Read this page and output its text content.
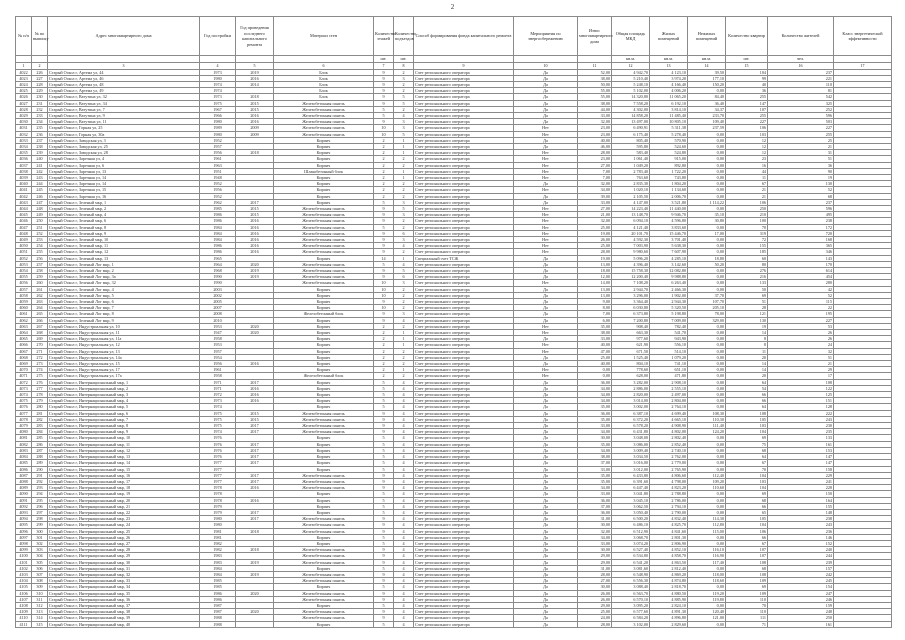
2
№ п/п	№ по выписку	Адрес многоквартирного дома	Год постройки	Год проведения последнего капитального ремонта	Материал стен	Количество этажей	Количество подъездов	Способ формирования фонда капитального ремонта	Мероприятия по энергосбережению	Износ многоквартирного дома	Общая площадь МКД	Жилых помещений	Нежилых помещений	Количество квартир	Количество жителей	Класс энергетической эффективности
						шт.	шт.				кв.м.	кв.м.	кв.м.	шт.	чел.	
1	2	3	4	5	6	7	8	9	10	11	12	13	14	15	16	17
4022	226	Старый Оскол г, Артема ул, 44	1973	2019	Блок	9	2	Счет регионального оператора	Да	52,00	4 942,70	4 123,10	39,50	104	237	
4023	227	Старый Оскол г, Артема ул, 46	1980	2016	Блок	9	3	Счет регионального оператора	Да	38,00	5 210,40	3 974,20	177,10	99	221	
4024	228	Старый Оскол г, Артема ул, 48	1974	2014	Блок	9	2	Счет регионального оператора	Да	50,00	5 248,10	4 166,40	150,20	40	110	
4025	229	Старый Оскол г, Артема ул, 49	1974		Блок	9	2	Счет регионального оператора	Да	55,00	5 102,00	4 006,20	0,00	36	81	
4026	230	Старый Оскол г, Ватутина ул, 32	1973	2018	Блок	9	5	Счет регионального оператора	Да	55,00	14 320,80	11 065,20	84,40	255	542	
4027	231	Старый Оскол г, Ватутина ул, 34	1975	2015	Железобетонная панель	9	5	Счет регионального оператора	Да	38,00	7 558,20	6 192,10	36,40	147	325	
4028	232	Старый Оскол г, Ватутина ул, 7	1967	2015	Железобетонная панель	5	2	Счет регионального оператора	Да	44,00	4 302,00	3 814,10	34,37	107	252	
4029	233	Старый Оскол г, Ватутина ул, 9	1966	2016	Железобетонная панель	5	4	Счет регионального оператора	Да	33,00	14 858,20	11 485,40	233,70	255	596	
4030	234	Старый Оскол г, Ватутина ул, 11	1980	2016	Железобетонная панель	9	3	Счет регионального оператора	Да	32,00	13 497,00	10 805,10	109,40	227	503	
4031	235	Старый Оскол г, Горная ул, 25	1989	2009	Железобетонная панель	10	3	Счет регионального оператора	Нет	23,00	6 490,91	5 311,38	237,59	106	227	
4032	236	Старый Оскол г, Горная ул, 30а	1980	2009	Железобетонная панель	10	5	Счет регионального оператора	Нет	23,00	6 175,40	5 278,40	0,00	103	255	
4033	237	Старый Оскол г, Заводская ул, 3	1952		Кирпич	2	1	Счет регионального оператора	Да	40,00	805,40	570,90	0,00	12	25	
4034	238	Старый Оскол г, Заводская ул, 25	1957		Кирпич	2	1	Счет регионального оператора	Да	46,00	595,80	524,60	0,00	12	21	
4035	239	Старый Оскол г, Заводская ул, 28	1956	2018	Кирпич	2	1	Счет регионального оператора	Нет	28,00	583,40	524,80	0,00	12	31	
4036	240	Старый Оскол г, Заречная ул, 4	1961		Кирпич	2	2	Счет регионального оператора	Нет	23,00	1 061,40	915,00	0,00	23	51	
4037	241	Старый Оскол г, Заречная ул, 6	1963		Кирпич	2	2	Счет регионального оператора	Нет	27,00	1 049,20	892,80	0,00	16	36	
4038	242	Старый Оскол г, Заречная ул, 13	1951		Шлакобетонный блок	2	1	Счет регионального оператора	Нет	7,00	2 783,40	1 722,20	0,00	44	90	
4039	243	Старый Оскол г, Заречная ул, 14	1948		Кирпич	2	1	Счет регионального оператора	Нет	7,00	763,60	743,80	0,00	11	19	
4040	244	Старый Оскол г, Заречная ул, 14	1952		Кирпич	2	2	Счет регионального оператора	Да	32,00	2 835,30	1 804,20	0,00	67	130	
4041	245	Старый Оскол г, Заречная ул, 15	1956		Кирпич	2	2	Счет регионального оператора	Нет	34,00	1 020,10	1 134,60	0,00	21	52	
4042	246	Старый Оскол г, Заречная ул, 16	1952		Кирпич	2	2	Счет регионального оператора	Да	39,00	2 105,50	2 006,70	0,00	21	68	
4043	247	Старый Оскол г, Зеленый мкр, 1	1962	2017	Кирпич	5	3	Счет регионального оператора	Да	33,00	4 147,00	3 521,80	1 114,22	106	237	
4044	248	Старый Оскол г, Зеленый мкр, 2	1985	2015	Железобетонная панель	9	5	Счет регионального оператора	Нет	27,00	14 223,40	11 440,00	0,00	250	596	
4045	249	Старый Оскол г, Зеленый мкр, 4	1986	2015	Железобетонная панель	9	3	Счет регионального оператора	Нет	21,00	13 148,70	9 946,70	35,10	210	495	
4046	250	Старый Оскол г, Зеленый мкр, 6	1986	2016	Железобетонная панель	9	2	Счет регионального оператора	Нет	32,00	6 094,10	4 596,80	30,80	100	238	
4047	251	Старый Оскол г, Зеленый мкр, 8	1984	2016	Железобетонная панель	5	2	Счет регионального оператора	Нет	25,00	4 121,40	3 833,60	0,00	70	172	
4048	252	Старый Оскол г, Зеленый мкр, 9	1984	2016	Железобетонная панель	9	6	Счет регионального оператора	Нет	19,00	20 101,70	15 446,70	17,00	319	720	
4049	253	Старый Оскол г, Зеленый мкр, 10	1984	2016	Железобетонная панель	9	3	Счет регионального оператора	Нет	26,00	4 592,30	3 701,40	0,00	72	168	
4050	254	Старый Оскол г, Зеленый мкр, 11	1986	2016	Железобетонная панель	9	4	Счет регионального оператора	Нет	25,00	7 003,90	5 638,30	0,00	155	365	
4051	255	Старый Оскол г, Зеленый мкр, 12	1986	2016	Железобетонная панель	9	2	Счет регионального оператора	Нет	28,00	9 980,60	7 607,90	0,00	185	346	
4052	256	Старый Оскол г, Зеленый мкр, 13	1965		Кирпич	14	1	Специальный счет ТСЖ	Да	19,00	5 096,20	4 285,10	18,80	60	143	
4053	257	Старый Оскол г, Зеленый Лог мкр, 1	1964	2020	Железобетонная панель	5	4	Счет регионального оператора	Да	13,00	4 396,40	3 142,60	50,20	80	170	
4054	258	Старый Оскол г, Зеленый Лог мкр, 2	1968	2019	Железобетонная панель	9	5	Счет регионального оператора	Да	18,00	15 758,30	12 082,80	0,00	276	614	
4055	259	Старый Оскол г, Зеленый Лог мкр, 3а	1990	2019	Железобетонная панель	9	6	Счет регионального оператора	Да	12,00	12 200,40	9 988,80	0,00	216	454	
4056	260	Старый Оскол г, Зеленый Лог мкр, 32	1990		Железобетонная панель	10	3	Счет регионального оператора	Нет	14,00	7 108,20	6 263,40	0,00	133	280	
4057	261	Старый Оскол г, Зеленый Лог мкр, 4	2003		Кирпич	10	2	Счет регионального оператора	Да	13,00	2 944,70	2 466,30	0,00	50	42	
4058	262	Старый Оскол г, Зеленый Лог мкр, 5	2002		Кирпич	10	2	Счет регионального оператора	Да	13,00	3 296,00	1 902,00	37,70	69	52	
4059	263	Старый Оскол г, Зеленый Лог мкр, 6	2005		Кирпич	9	2	Счет регионального оператора	Да	9,00	3 364,40	2 944,30	107,70	51	115	
4060	264	Старый Оскол г, Зеленый Лог мкр, 7	2007		Кирпич	10	2	Счет регионального оператора	Да	8,00	6 030,80	5 320,50	205,10	28	22	
4061	265	Старый Оскол г, Зеленый Лог мкр, 8	2008		Железобетонный блок	9	3	Счет регионального оператора	Да	7,00	6 373,80	5 198,80	78,00	121	195	
4062	266	Старый Оскол г, Зеленый Лог мкр, 9	2010		Кирпич	9	4	Счет регионального оператора	Да	6,00	7 200,80	7 009,00	329,00	130	227	
4063	267	Старый Оскол г, Индустриальная ул, 10	1953	2020	Кирпич	2	2	Счет регионального оператора	Нет	35,00	908,40	782,40	0,00	19	53	
4064	268	Старый Оскол г, Индустриальная ул, 11	1947	2020	Кирпич	2	1	Счет регионального оператора	Нет	38,00	663,30	541,70	0,00	14	26	
4065	269	Старый Оскол г, Индустриальная ул, 11а	1958		Кирпич	2	1	Счет регионального оператора	Да	33,00	977,60	943,90	0,00	8	26	
4066	270	Старый Оскол г, Индустриальная ул, 12	1953		Кирпич	2	1	Счет регионального оператора	Нет	40,00	621,90	556,10	0,00	8	24	
4067	271	Старый Оскол г, Индустриальная ул, 13	1957		Кирпич	2	2	Счет регионального оператора	Нет	47,00	671,50	514,10	0,00	11	32	
4068	272	Старый Оскол г, Индустриальная ул, 14а	1954		Кирпич	2	2	Счет регионального оператора	Да	25,00	1 525,40	1 079,20	0,00	20	51	
4069	273	Старый Оскол г, Индустриальная ул, 15	1956	2016	Кирпич	2	2	Счет регионального оператора	Да	40,00	804,10	741,10	0,00	14	21	
4070	274	Старый Оскол г, Индустриальная ул, 17	1961		Кирпич	2	1	Счет регионального оператора	Нет	0,00	778,60	651,10	0,00	14	29	
4071	275	Старый Оскол г, Индустриальная ул, 17а	1958		Железобетонный блок	2	2	Счет регионального оператора	Нет	0,00	628,00	471,80	0,00	20	17	
4072	276	Старый Оскол г, Интернациональный мкр, 1	1971	2017	Кирпич	5	4	Счет регионального оператора	Да	36,00	3 282,00	2 908,10	0,00	64	108	
4073	277	Старый Оскол г, Интернациональный мкр, 2	1971	2016	Кирпич	5	4	Счет регионального оператора	Да	34,00	2 886,00	2 555,10	0,00	54	122	
4074	278	Старый Оскол г, Интернациональный мкр, 3	1972	2016	Кирпич	5	4	Счет регионального оператора	Да	34,00	2 820,00	2 497,00	0,00	66	125	
4075	279	Старый Оскол г, Интернациональный мкр, 4	1973	2016	Кирпич	5	4	Счет регионального оператора	Да	34,00	3 014,00	2 804,00	0,00	66	151	
4076	280	Старый Оскол г, Интернациональный мкр, 5	1974		Кирпич	5	4	Счет регионального оператора	Да	35,00	3 002,00	2 764,10	0,00	64	128	
4077	281	Старый Оскол г, Интернациональный мкр, 6	1975	2015	Железобетонная панель	9	4	Счет регионального оператора	Да	36,00	6 387,10	4 699,40	108,30	108	222	
4078	282	Старый Оскол г, Интернациональный мкр, 7	1975	2015	Железобетонная панель	9	4	Счет регионального оператора	Да	35,00	6 372,20	4 665,10	110,30	105	243	
4079	283	Старый Оскол г, Интернациональный мкр, 8	1975	2017	Железобетонная панель	9	4	Счет регионального оператора	Да	33,00	6 578,20	4 908,90	111,40	103	230	
4080	284	Старый Оскол г, Интернациональный мкр, 9	1974	2017	Железобетонная панель	9	4	Счет регионального оператора	Да	34,00	6 431,80	4 802,00	124,20	104	235	
4081	285	Старый Оскол г, Интернациональный мкр, 10	1976		Кирпич	5	4	Счет регионального оператора	Да	30,00	3 048,00	2 802,40	0,00	69	133	
4082	286	Старый Оскол г, Интернациональный мкр, 11	1976	2017	Кирпич	5	4	Счет регионального оператора	Да	35,00	3 086,00	2 852,40	0,00	75	161	
4083	287	Старый Оскол г, Интернациональный мкр, 12	1976	2017	Кирпич	5	4	Счет регионального оператора	Да	34,00	3 009,40	2 740,10	0,00	68	153	
4084	288	Старый Оскол г, Интернациональный мкр, 13	1976	2017	Кирпич	5	4	Счет регионального оператора	Да	38,00	3 034,50	2 762,00	0,00	64	147	
4085	289	Старый Оскол г, Интернациональный мкр, 14	1977	2017	Кирпич	5	4	Счет регионального оператора	Да	37,00	3 016,00	2 779,00	0,00	67	147	
4086	290	Старый Оскол г, Интернациональный мкр, 15	1977		Кирпич	5	4	Счет регионального оператора	Да	33,00	3 012,00	2 765,90	0,00	70	158	
4087	291	Старый Оскол г, Интернациональный мкр, 16	1977	2017	Железобетонная панель	9	4	Счет регионального оператора	Да	35,00	6 433,80	4 806,60	112,40	104	229	
4088	292	Старый Оскол г, Интернациональный мкр, 17	1977	2017	Железобетонная панель	9	4	Счет регионального оператора	Да	35,00	6 391,60	4 798,00	109,20	103	241	
4089	293	Старый Оскол г, Интернациональный мкр, 18	1978	2016	Железобетонная панель	9	4	Счет регионального оператора	Да	34,00	6 447,40	4 823,20	110,60	104	228	
4090	294	Старый Оскол г, Интернациональный мкр, 19	1978		Кирпич	5	4	Счет регионального оператора	Да	33,00	3 041,80	2 788,80	0,00	69	150	
4091	295	Старый Оскол г, Интернациональный мкр, 20	1978	2016	Кирпич	5	4	Счет регионального оператора	Да	36,00	3 045,10	2 786,00	0,00	68	164	
4092	296	Старый Оскол г, Интернациональный мкр, 21	1979		Кирпич	5	4	Счет регионального оператора	Да	37,00	3 062,50	2 794,10	0,00	66	155	
4093	297	Старый Оскол г, Интернациональный мкр, 22	1979	2017	Кирпич	5	4	Счет регионального оператора	Да	36,00	3 050,40	2 790,00	0,00	65	148	
4094	298	Старый Оскол г, Интернациональный мкр, 23	1980	2017	Железобетонная панель	9	4	Счет регионального оператора	Да	31,00	6 500,20	4 832,40	114,30	105	238	
4095	299	Старый Оскол г, Интернациональный мкр, 24	1980		Железобетонная панель	9	4	Счет регионального оператора	Да	30,00	6 486,10	4 825,70	112,80	104	243	
4096	300	Старый Оскол г, Интернациональный мкр, 25	1981	2018	Железобетонная панель	9	4	Счет регионального оператора	Да	32,00	6 512,90	4 841,60	115,00	106	236	
4097	301	Старый Оскол г, Интернациональный мкр, 26	1981		Кирпич	5	4	Счет регионального оператора	Да	34,00	3 068,70	2 801,30	0,00	66	146	
4098	302	Старый Оскол г, Интернациональный мкр, 27	1982		Кирпич	5	4	Счет регионального оператора	Да	33,00	3 074,20	2 806,90	0,00	67	152	
4099	303	Старый Оскол г, Интернациональный мкр, 28	1982	2018	Железобетонная панель	9	4	Счет регионального оператора	Да	30,00	6 527,40	4 852,10	116,10	107	240	
4100	304	Старый Оскол г, Интернациональный мкр, 29	1983		Железобетонная панель	9	4	Счет регионального оператора	Да	29,00	6 534,80	4 858,70	116,90	107	244	
4101	305	Старый Оскол г, Интернациональный мкр, 30	1983	2019	Железобетонная панель	9	4	Счет регионального оператора	Да	29,00	6 541,20	4 863,50	117,40	108	239	
4102	306	Старый Оскол г, Интернациональный мкр, 31	1984		Кирпич	5	4	Счет регионального оператора	Да	31,00	3 081,60	2 812,40	0,00	68	157	
4103	307	Старый Оскол г, Интернациональный мкр, 32	1984	2019	Железобетонная панель	9	4	Счет регионального оператора	Да	28,00	6 548,90	4 869,20	118,00	108	242	
4104	308	Старый Оскол г, Интернациональный мкр, 33	1985		Железобетонная панель	9	4	Счет регионального оператора	Да	27,00	6 556,30	4 874,80	118,60	109	245	
4105	309	Старый Оскол г, Интернациональный мкр, 34	1985		Кирпич	5	4	Счет регионального оператора	Да	30,00	3 088,40	2 818,70	0,00	69	154	
4106	310	Старый Оскол г, Интернациональный мкр, 35	1986	2020	Железобетонная панель	9	4	Счет регионального оператора	Да	26,00	6 563,70	4 880,50	119,20	109	247	
4107	311	Старый Оскол г, Интернациональный мкр, 36	1986		Железобетонная панель	9	4	Счет регионального оператора	Да	26,00	6 570,10	4 885,90	119,80	110	246	
4108	312	Старый Оскол г, Интернациональный мкр, 37	1987		Кирпич	5	4	Счет регионального оператора	Да	29,00	3 095,20	2 824,10	0,00	70	159	
4109	313	Старый Оскол г, Интернациональный мкр, 38	1987	2020	Железобетонная панель	9	4	Счет регионального оператора	Да	25,00	6 577,60	4 891,30	120,40	110	248	
4110	314	Старый Оскол г, Интернациональный мкр, 39	1988		Железобетонная панель	9	4	Счет регионального оператора	Да	24,00	6 584,20	4 896,80	121,00	111	250	
4111	315	Старый Оскол г, Интернациональный мкр, 40	1988		Кирпич	5	4	Счет регионального оператора	Да	28,00	3 102,00	2 829,60	0,00	71	161	
